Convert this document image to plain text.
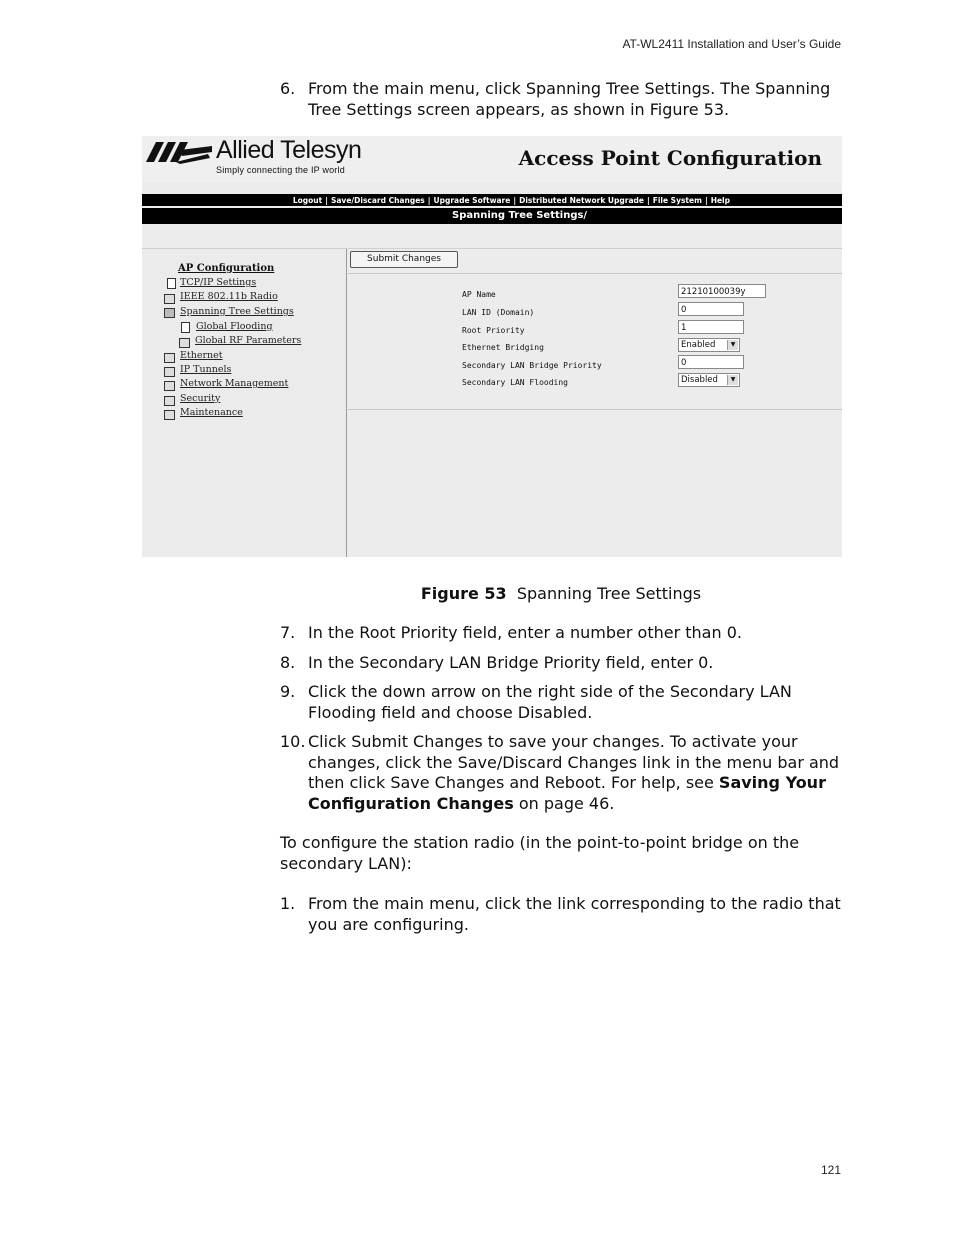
AT-WL2411 Installation and User’s Guide
6. From the main menu, click Spanning Tree Settings. The Spanning Tree Settings screen appears, as shown in Figure 53.
Allied Telesyn
Simply connecting the IP world	Access Point Configuration
Logout | Save/Discard Changes | Upgrade Software | Distributed Network Upgrade | File System | Help
Spanning Tree Settings/
AP Configuration
TCP/IP Settings
IEEE 802.11b Radio
Spanning Tree Settings
Global Flooding
Global RF Parameters
Ethernet
IP Tunnels
Network Management
Security
Maintenance
Submit Changes
AP Name	21210100039y
LAN ID (Domain)	0
Root Priority	1
Ethernet Bridging	Enabled	▼
Secondary LAN Bridge Priority	0
Secondary LAN Flooding	Disabled	▼
Figure 53 Spanning Tree Settings
7. In the Root Priority field, enter a number other than 0.
8. In the Secondary LAN Bridge Priority field, enter 0.
9. Click the down arrow on the right side of the Secondary LAN Flooding field and choose Disabled.
10. Click Submit Changes to save your changes. To activate your changes, click the Save/Discard Changes link in the menu bar and then click Save Changes and Reboot. For help, see Saving Your Configuration Changes on page 46.
To configure the station radio (in the point-to-point bridge on the secondary LAN):
1. From the main menu, click the link corresponding to the radio that you are configuring.
121
